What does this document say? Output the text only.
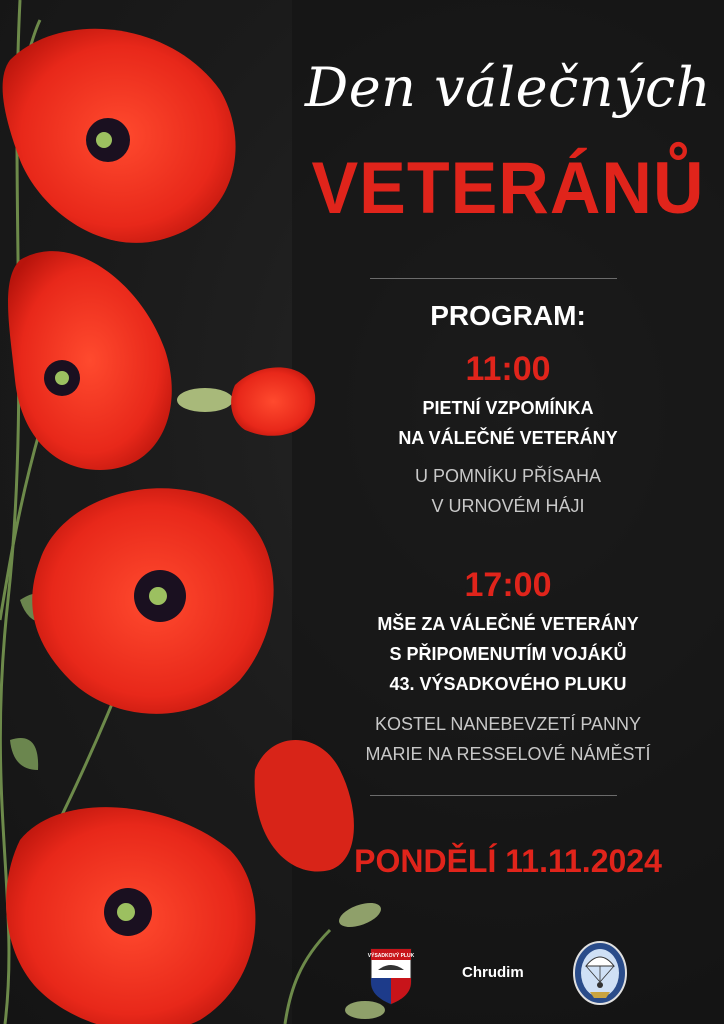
Den válečných
VETERÁNŮ
PROGRAM:
11:00
PIETNÍ VZPOMÍNKA
NA VÁLEČNÉ VETERÁNY
U POMNÍKU PŘÍSAHA
V URNOVÉM HÁJI
17:00
MŠE ZA VÁLEČNÉ VETERÁNY
S PŘIPOMENUTÍM VOJÁKŮ
43. VÝSADKOVÉHO PLUKU
KOSTEL NANEBEVZETÍ PANNY
MARIE NA RESSELOVÉ NÁMĚSTÍ
PONDĚLÍ 11.11.2024
VÝSADKOVÝ PLUK
Chrudim
